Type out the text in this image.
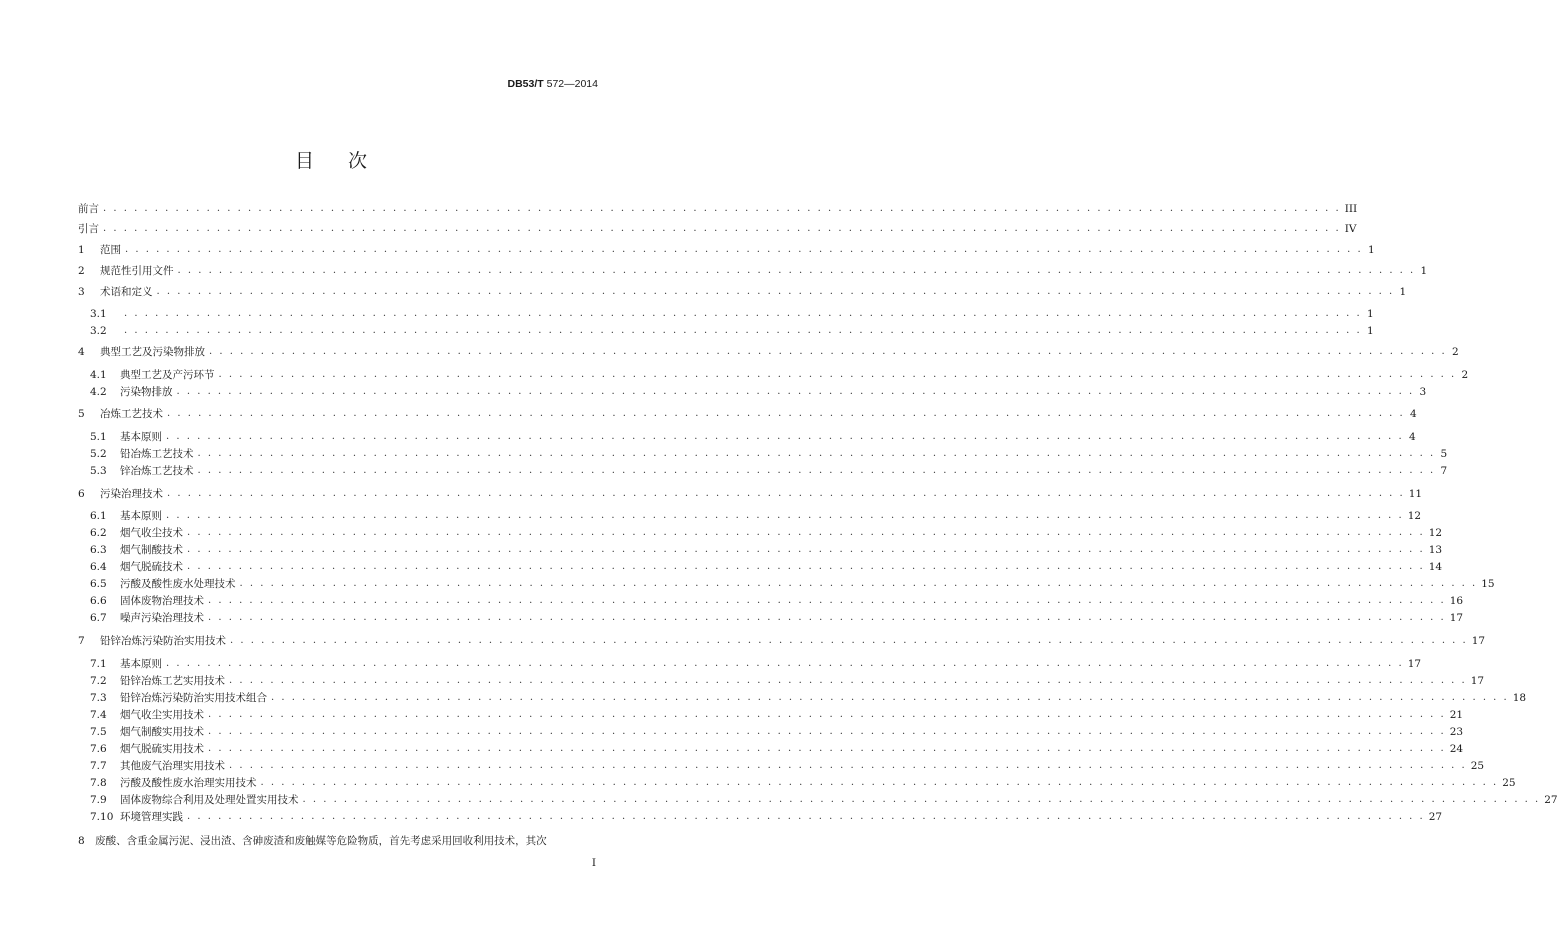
DB53/T 572—2014
目 次
前言 . . . . . . . . . . . . . . . . . . . . . . . . . . . . . . . . . . . . . . . . . . . . . . . . . . . . . . . . . . . . . . . . . . . . . . . . . . . . . . . . . . . . . . . . . . . . . . . . . . . . . . . . . . . . . . . . . . . . . . . . III
引言 . . . . . . . . . . . . . . . . . . . . . . . . . . . . . . . . . . . . . . . . . . . . . . . . . . . . . . . . . . . . . . . . . . . . . . . . . . . . . . . . . . . . . . . . . . . . . . . . . . . . . . . . . . . . . . . . . . . . . . . . IV
1	范围 . . . . . . . . . . . . . . . . . . . . . . . . . . . . . . . . . . . . . . . . . . . . . . . . . . . . . . . . . . . . . . . . . . . . . . . . . . . . . . . . . . . . . . . . . . . . . . . . . . . . . . . . . . . . . . . . . . . . . . . . 1
2	规范性引用文件 . . . . . . . . . . . . . . . . . . . . . . . . . . . . . . . . . . . . . . . . . . . . . . . . . . . . . . . . . . . . . . . . . . . . . . . . . . . . . . . . . . . . . . . . . . . . . . . . . . . . . . . . . . . . . . . . . . . . . . . . 1
3	术语和定义 . . . . . . . . . . . . . . . . . . . . . . . . . . . . . . . . . . . . . . . . . . . . . . . . . . . . . . . . . . . . . . . . . . . . . . . . . . . . . . . . . . . . . . . . . . . . . . . . . . . . . . . . . . . . . . . . . . . . . . . . 1
3.1	. . . . . . . . . . . . . . . . . . . . . . . . . . . . . . . . . . . . . . . . . . . . . . . . . . . . . . . . . . . . . . . . . . . . . . . . . . . . . . . . . . . . . . . . . . . . . . . . . . . . . . . . . . . . . . . . . . . . . . . . 1
3.2	. . . . . . . . . . . . . . . . . . . . . . . . . . . . . . . . . . . . . . . . . . . . . . . . . . . . . . . . . . . . . . . . . . . . . . . . . . . . . . . . . . . . . . . . . . . . . . . . . . . . . . . . . . . . . . . . . . . . . . . . 1
4	典型工艺及污染物排放 . . . . . . . . . . . . . . . . . . . . . . . . . . . . . . . . . . . . . . . . . . . . . . . . . . . . . . . . . . . . . . . . . . . . . . . . . . . . . . . . . . . . . . . . . . . . . . . . . . . . . . . . . . . . . . . . . . . . . . . . 2
4.1	典型工艺及产污环节 . . . . . . . . . . . . . . . . . . . . . . . . . . . . . . . . . . . . . . . . . . . . . . . . . . . . . . . . . . . . . . . . . . . . . . . . . . . . . . . . . . . . . . . . . . . . . . . . . . . . . . . . . . . . . . . . . . . . . . . . 2
4.2	污染物排放 . . . . . . . . . . . . . . . . . . . . . . . . . . . . . . . . . . . . . . . . . . . . . . . . . . . . . . . . . . . . . . . . . . . . . . . . . . . . . . . . . . . . . . . . . . . . . . . . . . . . . . . . . . . . . . . . . . . . . . . . 3
5	冶炼工艺技术 . . . . . . . . . . . . . . . . . . . . . . . . . . . . . . . . . . . . . . . . . . . . . . . . . . . . . . . . . . . . . . . . . . . . . . . . . . . . . . . . . . . . . . . . . . . . . . . . . . . . . . . . . . . . . . . . . . . . . . . . 4
5.1	基本原则 . . . . . . . . . . . . . . . . . . . . . . . . . . . . . . . . . . . . . . . . . . . . . . . . . . . . . . . . . . . . . . . . . . . . . . . . . . . . . . . . . . . . . . . . . . . . . . . . . . . . . . . . . . . . . . . . . . . . . . . . 4
5.2	铅冶炼工艺技术 . . . . . . . . . . . . . . . . . . . . . . . . . . . . . . . . . . . . . . . . . . . . . . . . . . . . . . . . . . . . . . . . . . . . . . . . . . . . . . . . . . . . . . . . . . . . . . . . . . . . . . . . . . . . . . . . . . . . . . . . 5
5.3	锌冶炼工艺技术 . . . . . . . . . . . . . . . . . . . . . . . . . . . . . . . . . . . . . . . . . . . . . . . . . . . . . . . . . . . . . . . . . . . . . . . . . . . . . . . . . . . . . . . . . . . . . . . . . . . . . . . . . . . . . . . . . . . . . . . . 7
6	污染治理技术 . . . . . . . . . . . . . . . . . . . . . . . . . . . . . . . . . . . . . . . . . . . . . . . . . . . . . . . . . . . . . . . . . . . . . . . . . . . . . . . . . . . . . . . . . . . . . . . . . . . . . . . . . . . . . . . . . . . . . . . . 11
6.1	基本原则 . . . . . . . . . . . . . . . . . . . . . . . . . . . . . . . . . . . . . . . . . . . . . . . . . . . . . . . . . . . . . . . . . . . . . . . . . . . . . . . . . . . . . . . . . . . . . . . . . . . . . . . . . . . . . . . . . . . . . . . . 12
6.2	烟气收尘技术 . . . . . . . . . . . . . . . . . . . . . . . . . . . . . . . . . . . . . . . . . . . . . . . . . . . . . . . . . . . . . . . . . . . . . . . . . . . . . . . . . . . . . . . . . . . . . . . . . . . . . . . . . . . . . . . . . . . . . . . . 12
6.3	烟气制酸技术 . . . . . . . . . . . . . . . . . . . . . . . . . . . . . . . . . . . . . . . . . . . . . . . . . . . . . . . . . . . . . . . . . . . . . . . . . . . . . . . . . . . . . . . . . . . . . . . . . . . . . . . . . . . . . . . . . . . . . . . . 13
6.4	烟气脱硫技术 . . . . . . . . . . . . . . . . . . . . . . . . . . . . . . . . . . . . . . . . . . . . . . . . . . . . . . . . . . . . . . . . . . . . . . . . . . . . . . . . . . . . . . . . . . . . . . . . . . . . . . . . . . . . . . . . . . . . . . . . 14
6.5	污酸及酸性废水处理技术 . . . . . . . . . . . . . . . . . . . . . . . . . . . . . . . . . . . . . . . . . . . . . . . . . . . . . . . . . . . . . . . . . . . . . . . . . . . . . . . . . . . . . . . . . . . . . . . . . . . . . . . . . . . . . . . . . . . . . . . . 15
6.6	固体废物治理技术 . . . . . . . . . . . . . . . . . . . . . . . . . . . . . . . . . . . . . . . . . . . . . . . . . . . . . . . . . . . . . . . . . . . . . . . . . . . . . . . . . . . . . . . . . . . . . . . . . . . . . . . . . . . . . . . . . . . . . . . . 16
6.7	噪声污染治理技术 . . . . . . . . . . . . . . . . . . . . . . . . . . . . . . . . . . . . . . . . . . . . . . . . . . . . . . . . . . . . . . . . . . . . . . . . . . . . . . . . . . . . . . . . . . . . . . . . . . . . . . . . . . . . . . . . . . . . . . . . 17
7	铅锌冶炼污染防治实用技术 . . . . . . . . . . . . . . . . . . . . . . . . . . . . . . . . . . . . . . . . . . . . . . . . . . . . . . . . . . . . . . . . . . . . . . . . . . . . . . . . . . . . . . . . . . . . . . . . . . . . . . . . . . . . . . . . . . . . . . . . 17
7.1	基本原则 . . . . . . . . . . . . . . . . . . . . . . . . . . . . . . . . . . . . . . . . . . . . . . . . . . . . . . . . . . . . . . . . . . . . . . . . . . . . . . . . . . . . . . . . . . . . . . . . . . . . . . . . . . . . . . . . . . . . . . . . 17
7.2	铅锌冶炼工艺实用技术 . . . . . . . . . . . . . . . . . . . . . . . . . . . . . . . . . . . . . . . . . . . . . . . . . . . . . . . . . . . . . . . . . . . . . . . . . . . . . . . . . . . . . . . . . . . . . . . . . . . . . . . . . . . . . . . . . . . . . . . . 17
7.3	铅锌冶炼污染防治实用技术组合 . . . . . . . . . . . . . . . . . . . . . . . . . . . . . . . . . . . . . . . . . . . . . . . . . . . . . . . . . . . . . . . . . . . . . . . . . . . . . . . . . . . . . . . . . . . . . . . . . . . . . . . . . . . . . . . . . . . . . . . . 18
7.4	烟气收尘实用技术 . . . . . . . . . . . . . . . . . . . . . . . . . . . . . . . . . . . . . . . . . . . . . . . . . . . . . . . . . . . . . . . . . . . . . . . . . . . . . . . . . . . . . . . . . . . . . . . . . . . . . . . . . . . . . . . . . . . . . . . . 21
7.5	烟气制酸实用技术 . . . . . . . . . . . . . . . . . . . . . . . . . . . . . . . . . . . . . . . . . . . . . . . . . . . . . . . . . . . . . . . . . . . . . . . . . . . . . . . . . . . . . . . . . . . . . . . . . . . . . . . . . . . . . . . . . . . . . . . . 23
7.6	烟气脱硫实用技术 . . . . . . . . . . . . . . . . . . . . . . . . . . . . . . . . . . . . . . . . . . . . . . . . . . . . . . . . . . . . . . . . . . . . . . . . . . . . . . . . . . . . . . . . . . . . . . . . . . . . . . . . . . . . . . . . . . . . . . . . 24
7.7	其他废气治理实用技术 . . . . . . . . . . . . . . . . . . . . . . . . . . . . . . . . . . . . . . . . . . . . . . . . . . . . . . . . . . . . . . . . . . . . . . . . . . . . . . . . . . . . . . . . . . . . . . . . . . . . . . . . . . . . . . . . . . . . . . . . 25
7.8	污酸及酸性废水治理实用技术 . . . . . . . . . . . . . . . . . . . . . . . . . . . . . . . . . . . . . . . . . . . . . . . . . . . . . . . . . . . . . . . . . . . . . . . . . . . . . . . . . . . . . . . . . . . . . . . . . . . . . . . . . . . . . . . . . . . . . . . . 25
7.9	固体废物综合利用及处理处置实用技术 . . . . . . . . . . . . . . . . . . . . . . . . . . . . . . . . . . . . . . . . . . . . . . . . . . . . . . . . . . . . . . . . . . . . . . . . . . . . . . . . . . . . . . . . . . . . . . . . . . . . . . . . . . . . . . . . . . . . . . . . 27
7.10 环境管理实践 . . . . . . . . . . . . . . . . . . . . . . . . . . . . . . . . . . . . . . . . . . . . . . . . . . . . . . . . . . . . . . . . . . . . . . . . . . . . . . . . . . . . . . . . . . . . . . . . . . . . . . . . . . . . . . . . . . . . . . . . 27
8　废酸、含重金属污泥、浸出渣、含砷废渣和废触媒等危险物质，首先考虑采用回收利用技术，其次
I
